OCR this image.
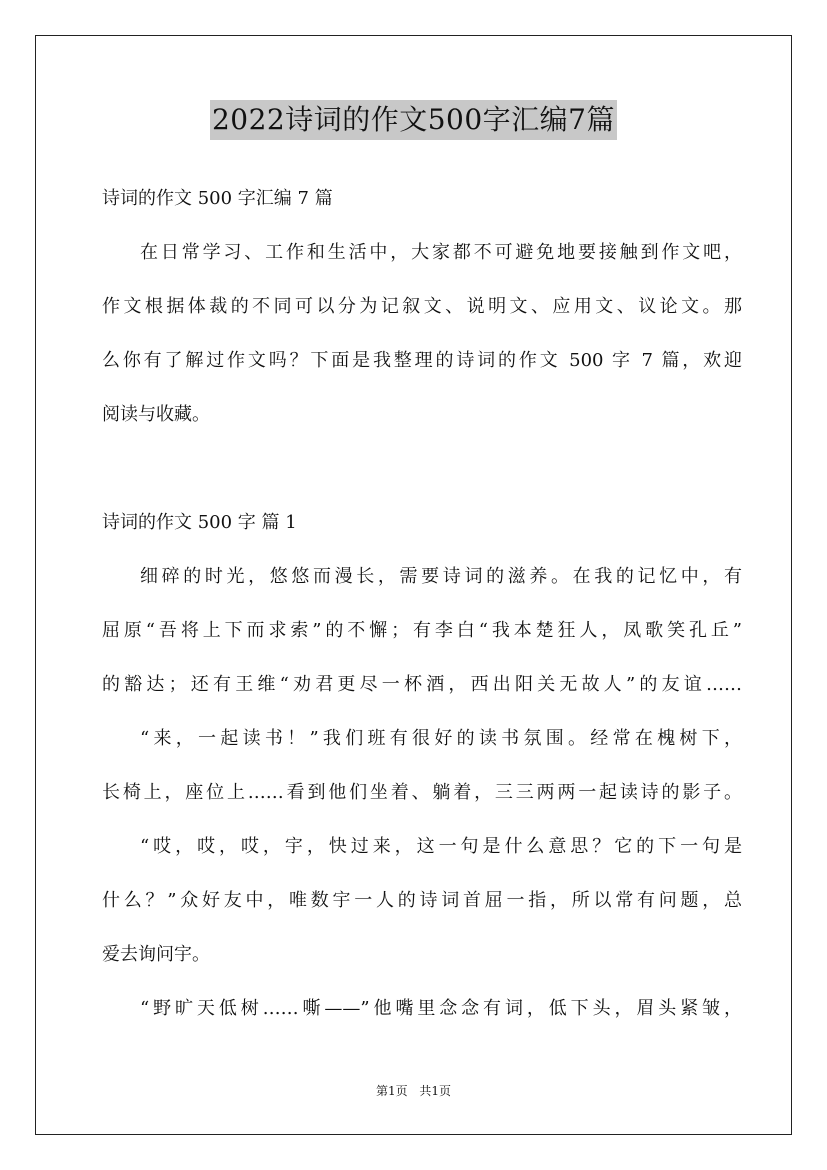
2022诗词的作文500字汇编7篇
诗词的作文 500 字汇编 7 篇
在日常学习、工作和生活中，大家都不可避免地要接触到作文吧，
作文根据体裁的不同可以分为记叙文、说明文、应用文、议论文。那
么你有了解过作文吗？下面是我整理的诗词的作文 500 字 7 篇，欢迎
阅读与收藏。
诗词的作文 500 字 篇 1
细碎的时光，悠悠而漫长，需要诗词的滋养。在我的记忆中，有
屈原“吾将上下而求索”的不懈；有李白“我本楚狂人，凤歌笑孔丘”
的豁达；还有王维“劝君更尽一杯酒，西出阳关无故人”的友谊……
“来，一起读书！”我们班有很好的读书氛围。经常在槐树下，
长椅上，座位上……看到他们坐着、躺着，三三两两一起读诗的影子。
“哎，哎，哎，宇，快过来，这一句是什么意思？它的下一句是
什么？”众好友中，唯数宇一人的诗词首屈一指，所以常有问题，总
爱去询问宇。
“野旷天低树……嘶——”他嘴里念念有词，低下头，眉头紧皱，
第1页 共1页
